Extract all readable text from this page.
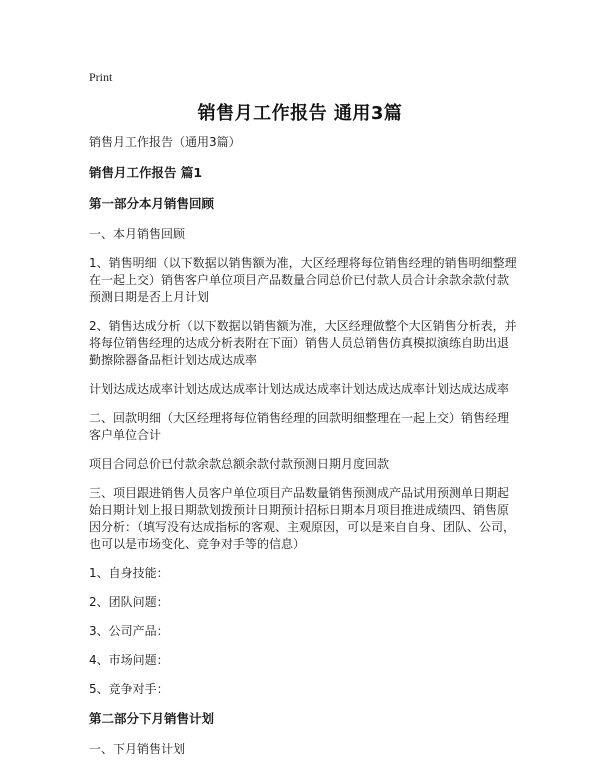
Print
销售月工作报告 通用3篇

销售月工作报告（通用3篇）

销售月工作报告 篇1

第一部分本月销售回顾

一、本月销售回顾

1、销售明细（以下数据以销售额为准，大区经理将每位销售经理的销售明细整理在一起上交）销售客户单位项目产品数量合同总价已付款人员合计余款余款付款预测日期是否上月计划

2、销售达成分析（以下数据以销售额为准，大区经理做整个大区销售分析表，并将每位销售经理的达成分析表附在下面）销售人员总销售仿真模拟演练自助出退勤擦除器备品柜计划达成达成率

计划达成达成率计划达成达成率计划达成达成率计划达成达成率计划达成达成率

二、回款明细（大区经理将每位销售经理的回款明细整理在一起上交）销售经理客户单位合计

项目合同总价已付款余款总额余款付款预测日期月度回款

三、项目跟进销售人员客户单位项目产品数量销售预测成产品试用预测单日期起始日期计划上报日期款划拨预计日期预计招标日期本月项目推进成绩四、销售原因分析：（填写没有达成指标的客观、主观原因，可以是来自自身、团队、公司，也可以是市场变化、竞争对手等的信息）

1、自身技能：

2、团队问题：

3、公司产品：

4、市场问题：

5、竞争对手：

第二部分下月销售计划

一、下月销售计划
